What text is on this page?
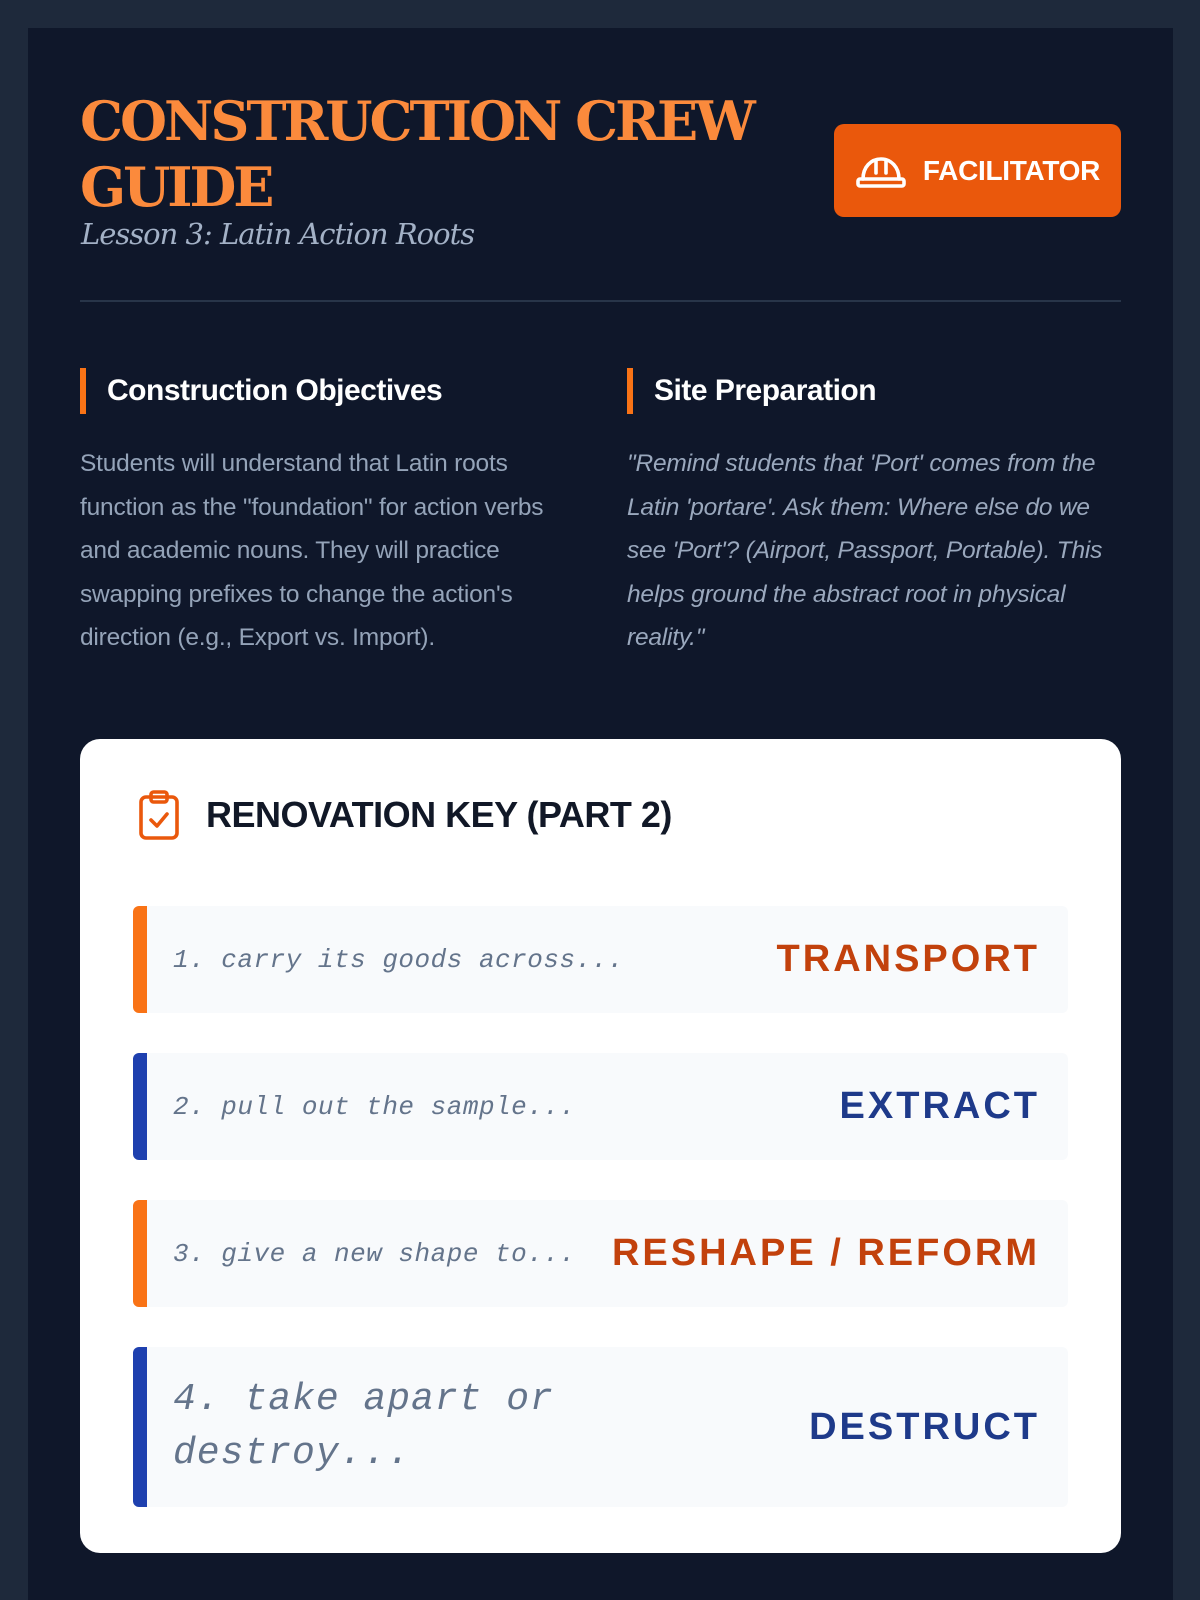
CONSTRUCTION CREW GUIDE
Lesson 3: Latin Action Roots
FACILITATOR
Construction Objectives

Students will understand that Latin roots function as the "foundation" for action verbs and academic nouns. They will practice swapping prefixes to change the action's direction (e.g., Export vs. Import).

Site Preparation

"Remind students that 'Port' comes from the Latin 'portare'. Ask them: Where else do we see 'Port'? (Airport, Passport, Portable). This helps ground the abstract root in physical reality."

RENOVATION KEY (PART 2)
1. carry its goods across...	TRANSPORT
2. pull out the sample...	EXTRACT
3. give a new shape to... RESHAPE / REFORM
4. take apart or destroy...
DESTRUCT
